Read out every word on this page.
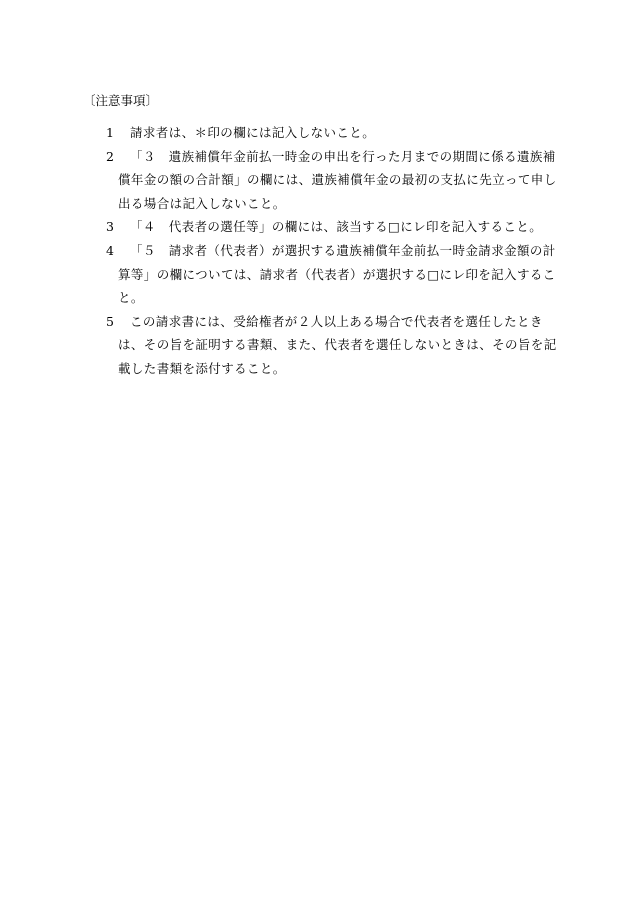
〔注意事項〕
1	請求者は、＊印の欄には記入しないこと。
2	「３　遺族補償年金前払一時金の申出を行った月までの期間に係る遺族補償年金の額の合計額」の欄には、遺族補償年金の最初の支払に先立って申し出る場合は記入しないこと。
3	「４　代表者の選任等」の欄には、該当する□にレ印を記入すること。
4	「５　請求者（代表者）が選択する遺族補償年金前払一時金請求金額の計算等」の欄については、請求者（代表者）が選択する□にレ印を記入すること。
5	この請求書には、受給権者が２人以上ある場合で代表者を選任したときは、その旨を証明する書類、また、代表者を選任しないときは、その旨を記載した書類を添付すること。
